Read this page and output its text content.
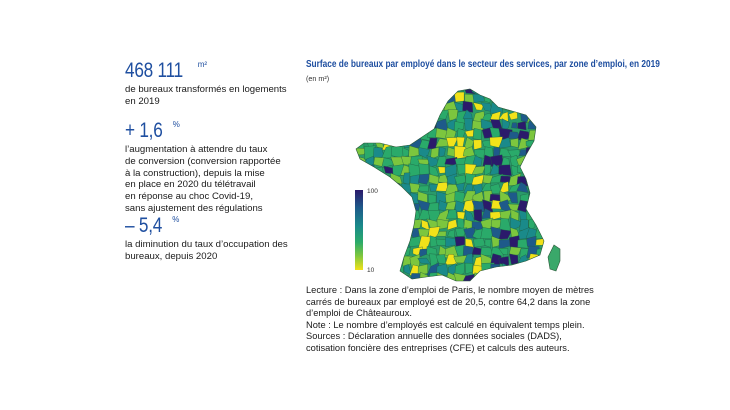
468 111 $^{m^2}$
de bureaux transformés en logements
en 2019
+ 1,6 %
l’augmentation à attendre du taux
de conversion (conversion rapportée
à la construction), depuis la mise
en place en 2020 du télétravail
en réponse au choc Covid-19,
sans ajustement des régulations
– 5,4 %
la diminution du taux d’occupation des
bureaux, depuis 2020
Surface de bureaux par employé dans le secteur des services, par zone d’emploi, en 2019
(en m²)
100
10
Lecture : Dans la zone d’emploi de Paris, le nombre moyen de mètres
carrés de bureaux par employé est de 20,5, contre 64,2 dans la zone
d’emploi de Châteauroux.
Note : Le nombre d’employés est calculé en équivalent temps plein.
Sources : Déclaration annuelle des données sociales (DADS),
cotisation foncière des entreprises (CFE) et calculs des auteurs.
